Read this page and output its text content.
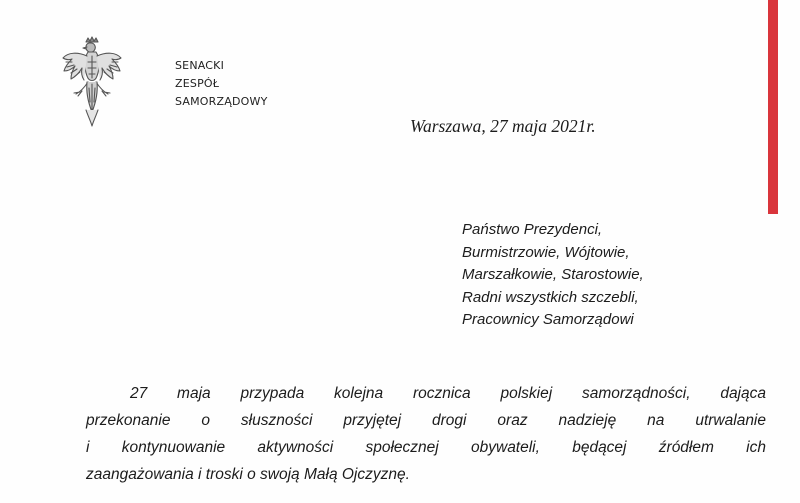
SENACKI
ZESPÓŁ
SAMORZĄDOWY
Warszawa, 27 maja 2021r.
Państwo Prezydenci,
Burmistrzowie, Wójtowie,
Marszałkowie, Starostowie,
Radni wszystkich szczebli,
Pracownicy Samorządowi
27 maja przypada kolejna rocznica polskiej samorządności, dająca
przekonanie o słuszności przyjętej drogi oraz nadzieję na utrwalanie
i kontynuowanie aktywności społecznej obywateli, będącej źródłem ich
zaangażowania i troski o swoją Małą Ojczyznę.
